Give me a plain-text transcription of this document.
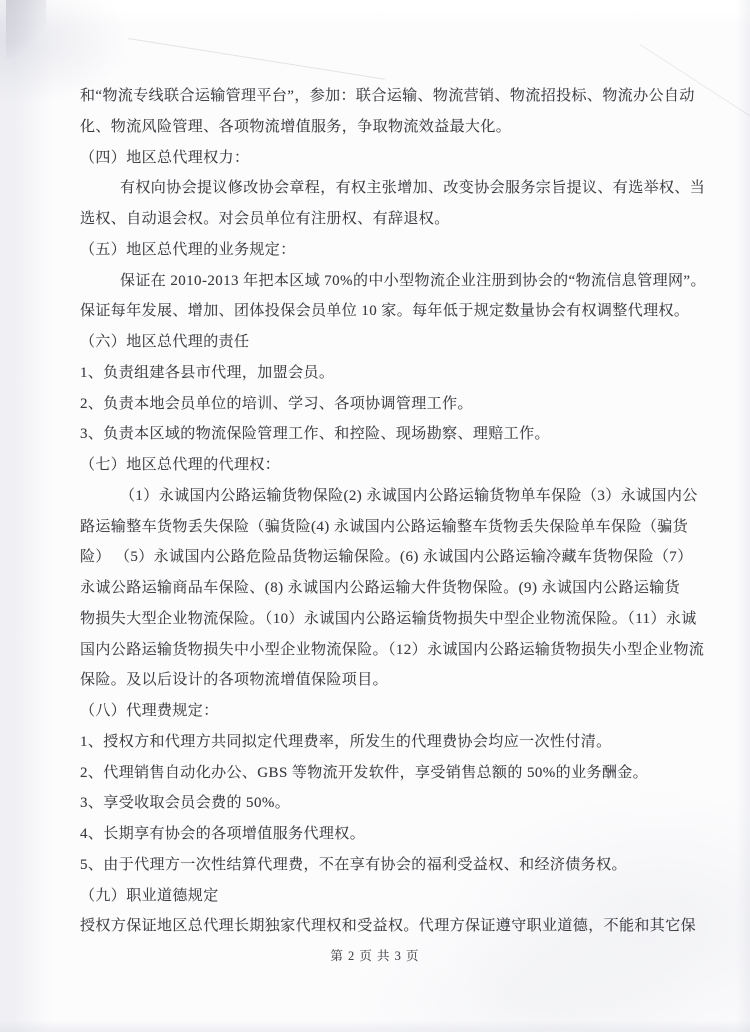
和“物流专线联合运输管理平台”，参加：联合运输、物流营销、物流招投标、物流办公自动

化、物流风险管理、各项物流增值服务，争取物流效益最大化。

（四）地区总代理权力：

有权向协会提议修改协会章程，有权主张增加、改变协会服务宗旨提议、有选举权、当

选权、自动退会权。对会员单位有注册权、有辞退权。

（五）地区总代理的业务规定：

保证在 2010-2013 年把本区域 70%的中小型物流企业注册到协会的“物流信息管理网”。

保证每年发展、增加、团体投保会员单位 10 家。每年低于规定数量协会有权调整代理权。

（六）地区总代理的责任

1、负责组建各县市代理，加盟会员。

2、负责本地会员单位的培训、学习、各项协调管理工作。

3、负责本区域的物流保险管理工作、和控险、现场勘察、理赔工作。

（七）地区总代理的代理权：

（1）永诚国内公路运输货物保险(2) 永诚国内公路运输货物单车保险（3）永诚国内公

路运输整车货物丢失保险（骗货险(4) 永诚国内公路运输整车货物丢失保险单车保险（骗货

险） （5）永诚国内公路危险品货物运输保险。(6) 永诚国内公路运输冷藏车货物保险（7）

永诚公路运输商品车保险、(8) 永诚国内公路运输大件货物保险。(9) 永诚国内公路运输货

物损失大型企业物流保险。（10）永诚国内公路运输货物损失中型企业物流保险。（11）永诚

国内公路运输货物损失中小型企业物流保险。（12）永诚国内公路运输货物损失小型企业物流

保险。及以后设计的各项物流增值保险项目。

（八）代理费规定：

1、授权方和代理方共同拟定代理费率，所发生的代理费协会均应一次性付清。

2、代理销售自动化办公、GBS 等物流开发软件，享受销售总额的 50%的业务酬金。

3、享受收取会员会费的 50%。

4、长期享有协会的各项增值服务代理权。

5、由于代理方一次性结算代理费，不在享有协会的福利受益权、和经济债务权。

（九）职业道德规定

授权方保证地区总代理长期独家代理权和受益权。代理方保证遵守职业道德，不能和其它保

第 2 页 共 3 页
